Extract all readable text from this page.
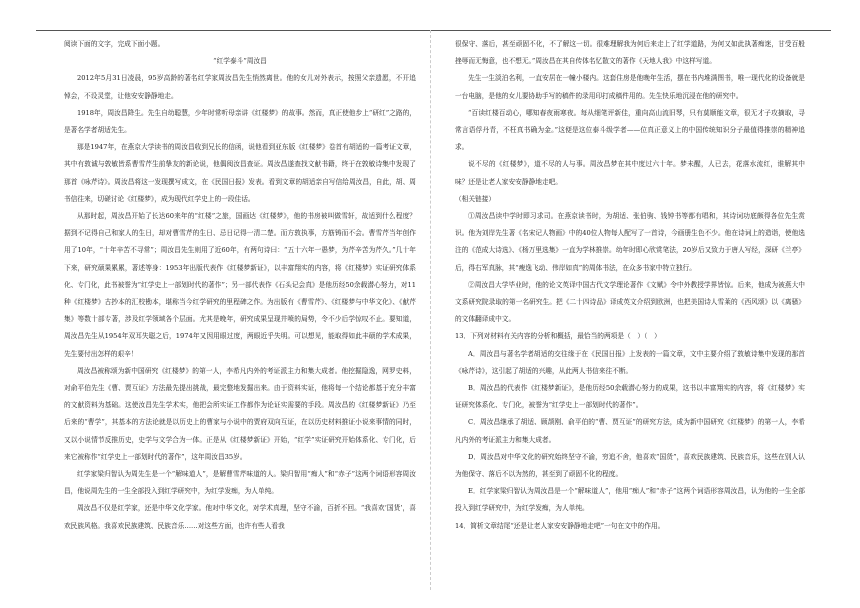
阅读下面的文字，完成下面小题。

“红学泰斗”周汝昌

2012年5月31日凌晨，95岁高龄的著名红学家周汝昌先生悄然离世。他的女儿对外表示，按照父亲遗愿，不开追悼会，不设灵堂，让他安安静静地走。

1918年，周汝昌降生。先生自幼聪慧，少年时常听母亲讲《红楼梦》的故事。然而，真正使他步上“研红”之路的，是著名学者胡适先生。

那是1947年，在燕京大学读书的周汝昌收到兄长的信函，说他看到亚东版《红楼梦》卷首有胡适的一篇考证文章，其中有敦诚与敦敏皆系曹雪芹生前挚友的新论说，他偶阅汝昌查证。周汝昌遂查找文献书籍，终于在敦敏诗集中发现了那首《咏芹诗》。周汝昌将这一发现撰写成文，在《民国日报》发表。看到文章的胡适亲自写信给周汝昌，自此，胡、周书信往来，切磋讨论《红楼梦》，成为现代红学史上的一段佳话。

从那时起，周汝昌开始了长达60来年的“红楼”之旅，国画达《红楼梦》，他的书房被叫做雪轩，故适到什么程度？据到不记得自己和家人的生日，却对曹雪芹的生日、忌日记得一清二楚。而方敦执事，方筋铸而不会。曹雪芹当年创作用了10年，“十年辛苦不寻常”；周汝昌先生则用了近60年，有两句诗曰：“五十六年一愚梦，为芹辛苦为芹久。”几十年下来，研究硕果累累，著述等身：1953年出版代表作《红楼梦新证》，以丰富翔实的内容，将《红楼梦》实证研究体系化、专门化，此书被誉为“红学史上一部划时代的著作”；另一部代表作《石头记会真》是他历经50余载潜心努力，对11种《红楼梦》古抄本的汇校勘本，堪称当今红学研究的里程碑之作。为出版有《曹雪芹》、《红楼梦与中华文化》、《献芹集》等数十部专著，涉及红学领域各个层面。尤其是晚年，研究成果呈现井喷的局势，令不少后学惊叹不止。要知道，周汝昌先生从1954年双耳失聪之后，1974年又因用眼过度，两眼近乎失明。可以想见，能取得如此丰硕的学术成果，先生要付出怎样的艰辛！

周汝昌被称颂为新中国研究《红楼梦》的第一人，李希凡内外的考证派主力和集大成者。他挖掘隐逸，网罗史料，对俞平伯先生《曹、贾互证》方法最先提出挑战，最完整地发掘出来。由于资料实证，他将每一个结论都基于充分丰富的文献资料为基础。这使汝昌先生学术实，他把会所实证工作都作为论证实需要的手段。周汝昌的《红楼梦新证》乃至后来的“曹学”，其基本的方法论就是以历史上的曹家与小说中的贾府双向互证，在以历史材料推证小说来事情的同时，又以小说情节反推历史，史学与文学合为一体。正是从《红楼梦新证》开始，“红学”实证研究开始体系化、专门化，后来它被称作“红学史上一部划时代的著作”，这年周汝昌35岁。

红学家梁归智认为周先生是一个“解味道人”，是解曹雪芹味道的人。梁归智用“痴人”和“赤子”这两个词语形容周汝昌，他说周先生的一生全部投入到红学研究中，为红学发痴，为人单纯。

周汝昌不仅是红学家，还是中华文化学家。他对中华文化，对学术真理，坚守不渝，百折不回。“我喜欢‘国货’，喜欢民族风格。我喜欢民族建筑、民族音乐……对这些方面，也许有些人看我

很保守、落后，甚至顽固不化，不了解这一切。很难理解我为何后来走上了红学道路，为何又如此执著痴迷，甘受百般挫辱而无悔意，也不想无。”周汝昌在其自传体名忆散文的著作《天地人我》中这样写道。

先生一生淡泊名利，一直安居在一幢小楼内。这套住房是他晚年生活，摆在书内堆满图书，唯一现代化的设备就是一台电脑，是他的女儿要协助手写的稿件的录用印打成稿件用的。先生快乐地沉浸在他的研究中。

“百读红楼百动心，哪知春夜雨寒夜。每从细笔评新佳，重向高山流旧琴，只有莫顺能文章，很无才子攻摘取，寻常言语俘丹青，不枉真书确为金。”这便是这位泰斗级学者——位真正意义上的中国传统知识分子最值得推崇的精神追求。

说不尽的《红楼梦》，道不尽的人与事。周汝昌梦在其中度过六十年。梦未醒，人已去，花落水流红，谁解其中味？还是让老人家安安静静地走吧。

（相关链接）

①周汝昌读中学时即习求司。在燕京读书时，为胡适、张伯驹、钱钟书等都有唱和，其诗词功底颇得各位先生赏识。他为刘岸先生著《名宋记人物画》中的40位人物每人配写了一首诗，今画册生色不少。他在诗词上的造诣，使他选注的《范成大诗选》、《杨万里选集》一直为学林推崇。幼年时即心欣赏笔法，20岁后又致力于唐人写经，深研《兰亭》后，得右军真脉，其“瘦逸飞动、伟岸如真”的周体书法，在众多书家中特立独行。

②周汝昌大学毕业时，他的论文英译中国古代文学理论著作《文赋》令中外教授学界皆惊。后来，他成为被燕大中文系研究院录取的第一名研究生。把《二十四诗品》译成英文介绍到欧洲，也把美国诗人雪莱的《西风颂》以《离骚》的文体翻译成中文。

13．下列对材料有关内容的分析和概括，最恰当的两项是（　）（　）

A．周汝昌与著名学者胡适的交往缘于在《民国日报》上发表的一篇文章，文中主要介绍了敦敏诗集中发现的那首《咏芹诗》，这引起了胡适的兴趣，从此两人书信来往不断。

B．周汝昌的代表作《红楼梦新证》，是他历经50余载潜心努力的成果，这书以丰富翔实的内容，将《红楼梦》实证研究体系化、专门化，被誉为“红学史上一部划时代的著作”。

C．周汝昌继承了胡适、顾颉刚、俞平伯的“曹、贾互证”的研究方法，成为新中国研究《红楼梦》的第一人，李希凡内外的考证派主力和集大成者。

D．周汝昌对中华文化的研究始终坚守不渝，穷追不舍，他喜欢“国货”，喜欢民族建筑、民族音乐，这些在别人认为他保守、落后不以为然的，甚至到了顽固不化的程度。

E．红学家梁归智认为周汝昌是一个“解味道人”，他用“痴人”和“赤子”这两个词语形容周汝昌，认为他的一生全部投入到红学研究中，为红学发痴，为人单纯。

14．简析文章结尾“还是让老人家安安静静地走吧”一句在文中的作用。
